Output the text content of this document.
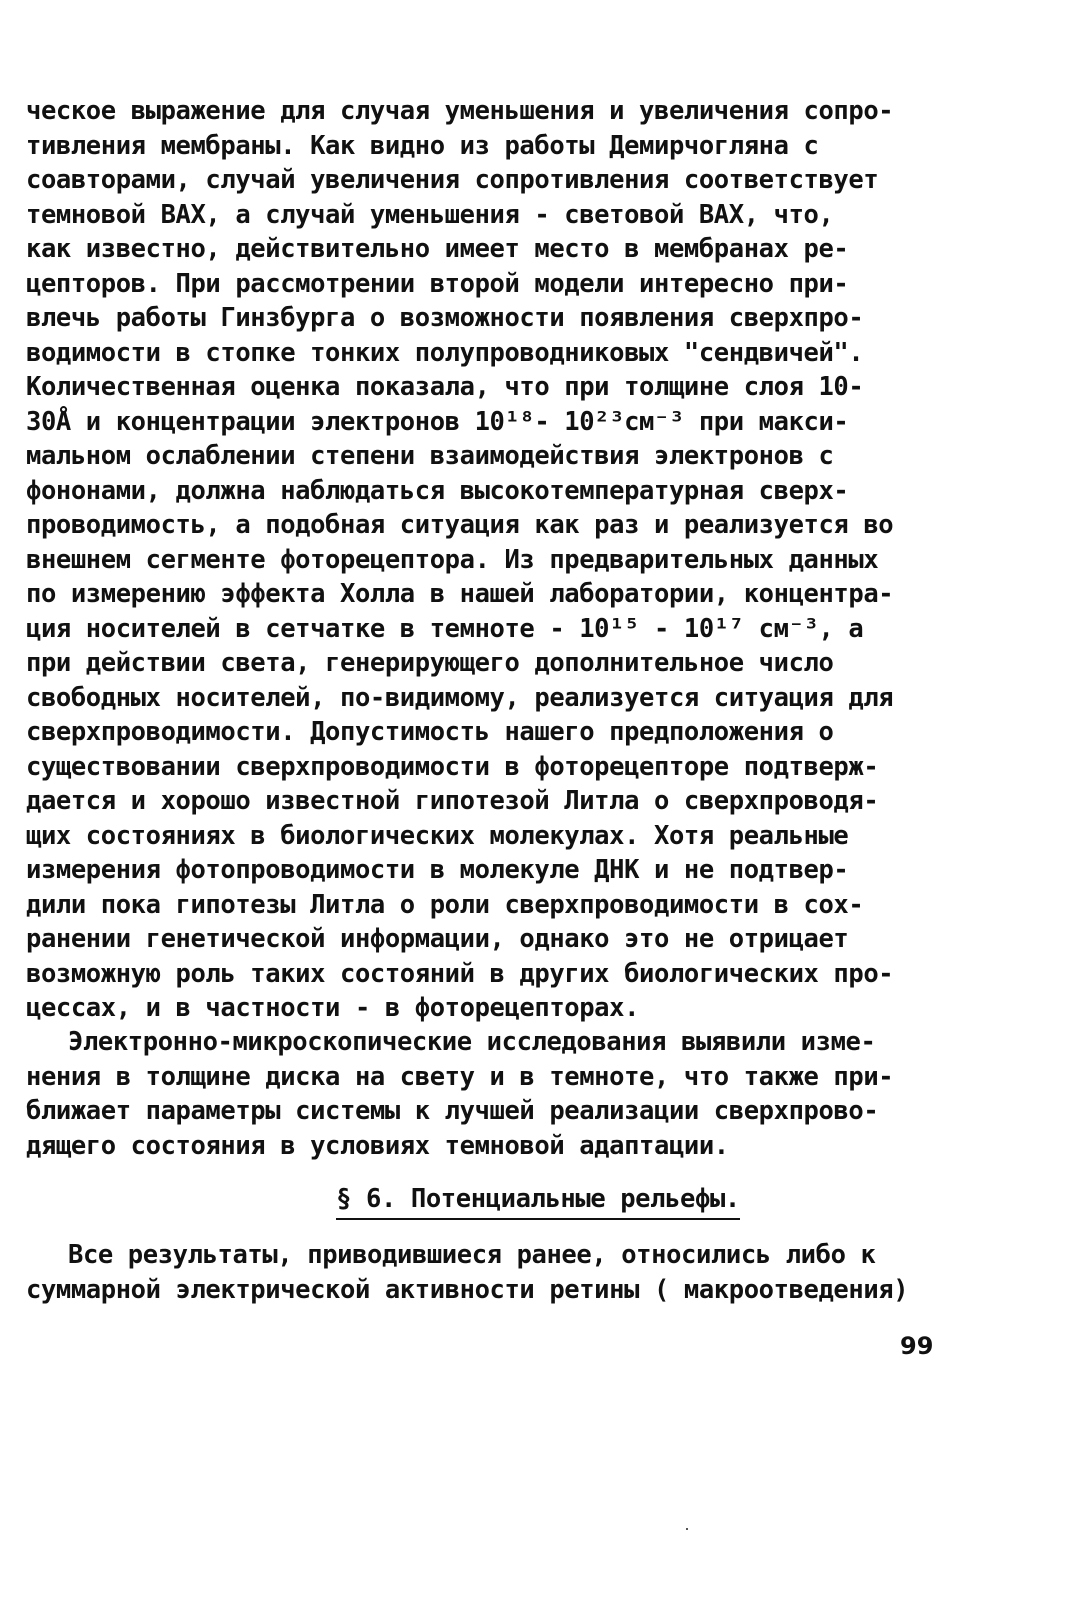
ческое выражение для случая уменьшения и увеличения сопро-
тивления мембраны. Как видно из работы Демирчогляна с
соавторами, случай увеличения сопротивления соответствует
темновой ВАХ, а случай уменьшения - световой ВАХ, что,
как известно, действительно имеет место в мембранах ре-
цепторов. При рассмотрении второй модели интересно при-
влечь работы Гинзбурга о возможности появления сверхпро-
водимости в стопке тонких полупроводниковых "сендвичей".
Количественная оценка показала, что при толщине слоя 10-
30Å и концентрации электронов 10¹⁸- 10²³см⁻³ при макси-
мальном ослаблении степени взаимодействия электронов с
фононами, должна наблюдаться высокотемпературная сверх-
проводимость, а подобная ситуация как раз и реализуется во
внешнем сегменте фоторецептора. Из предварительных данных
по измерению эффекта Холла в нашей лаборатории, концентра-
ция носителей в сетчатке в темноте - 10¹⁵ - 10¹⁷ см⁻³, а
при действии света, генерирующего дополнительное число
свободных носителей, по-видимому, реализуется ситуация для
сверхпроводимости. Допустимость нашего предположения о
существовании сверхпроводимости в фоторецепторе подтверж-
дается и хорошо известной гипотезой Литла о сверхпроводя-
щих состояниях в биологических молекулах. Хотя реальные
измерения фотопроводимости в молекуле ДНК и не подтвер-
дили пока гипотезы Литла о роли сверхпроводимости в сох-
ранении генетической информации, однако это не отрицает
возможную роль таких состояний в других биологических про-
цессах, и в частности - в фоторецепторах.
Электронно-микроскопические исследования выявили изме-
нения в толщине диска на свету и в темноте, что также при-
ближает параметры системы к лучшей реализации сверхпрово-
дящего состояния в условиях темновой адаптации.
§ 6. Потенциальные рельефы.
Все результаты, приводившиеся ранее, относились либо к
суммарной электрической активности ретины ( макроотведения)
99
